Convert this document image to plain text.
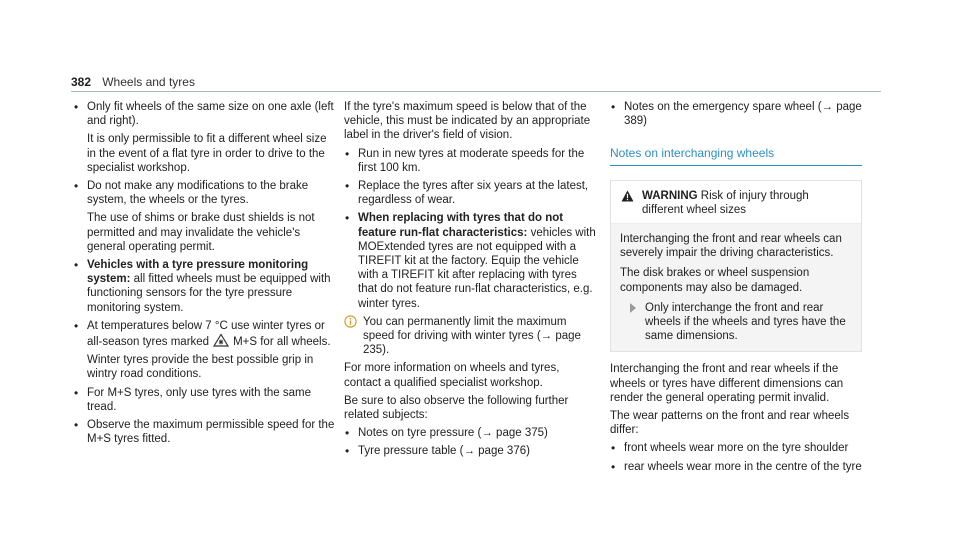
382 Wheels and tyres
• Only fit wheels of the same size on one axle (left and right).

It is only permissible to fit a different wheel size in the event of a flat tyre in order to drive to the specialist workshop.

• Do not make any modifications to the brake system, the wheels or the tyres.

The use of shims or brake dust shields is not permitted and may invalidate the vehicle's general operating permit.

• Vehicles with a tyre pressure monitoring system: all fitted wheels must be equipped with functioning sensors for the tyre pressure monitoring system.
• At temperatures below 7 °C use winter tyres or all-season tyres marked M+S for all wheels.

Winter tyres provide the best possible grip in wintry road conditions.

• For M+S tyres, only use tyres with the same tread.
• Observe the maximum permissible speed for the M+S tyres fitted.

If the tyre's maximum speed is below that of the vehicle, this must be indicated by an appropriate label in the driver's field of vision.

• Run in new tyres at moderate speeds for the first 100 km.
• Replace the tyres after six years at the latest, regardless of wear.
• When replacing with tyres that do not feature run-flat characteristics: vehicles with MOExtended tyres are not equipped with a TIREFIT kit at the factory. Equip the vehicle with a TIREFIT kit after replacing with tyres that do not feature run-flat characteristics, e.g. winter tyres.
You can permanently limit the maximum speed for driving with winter tyres (→ page 235).

For more information on wheels and tyres, contact a qualified specialist workshop.

Be sure to also observe the following further related subjects:

• Notes on tyre pressure (→ page 375)
• Tyre pressure table (→ page 376)
• Notes on the emergency spare wheel (→ page 389)
Notes on interchanging wheels
WARNING Risk of injury through different wheel sizes

Interchanging the front and rear wheels can severely impair the driving characteristics.

The disk brakes or wheel suspension components may also be damaged.

Only interchange the front and rear wheels if the wheels and tyres have the same dimensions.

Interchanging the front and rear wheels if the wheels or tyres have different dimensions can render the general operating permit invalid.

The wear patterns on the front and rear wheels differ:

• front wheels wear more on the tyre shoulder
• rear wheels wear more in the centre of the tyre
